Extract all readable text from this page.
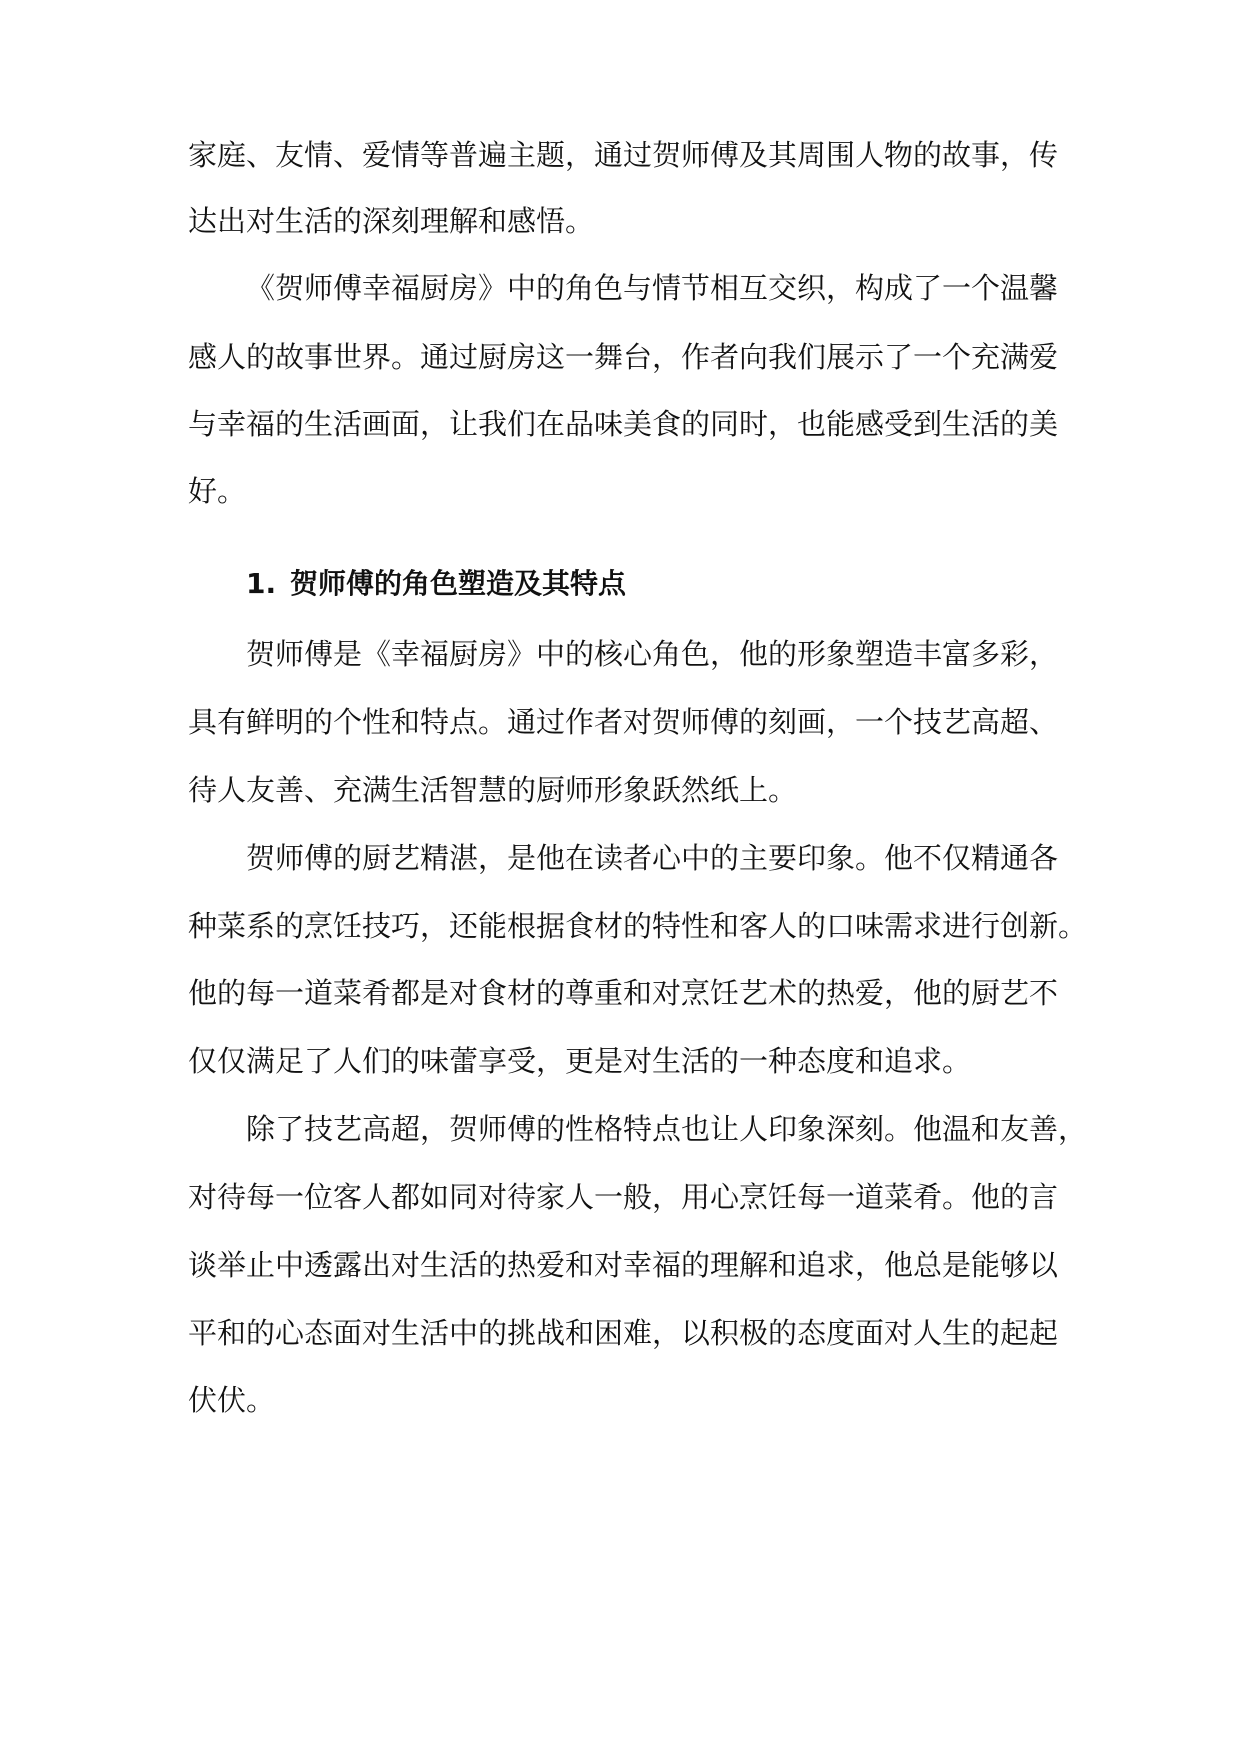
家庭、友情、爱情等普遍主题，通过贺师傅及其周围人物的故事，传
达出对生活的深刻理解和感悟。
《贺师傅幸福厨房》中的角色与情节相互交织，构成了一个温馨
感人的故事世界。通过厨房这一舞台，作者向我们展示了一个充满爱
与幸福的生活画面，让我们在品味美食的同时，也能感受到生活的美
好。
1. 贺师傅的角色塑造及其特点
贺师傅是《幸福厨房》中的核心角色，他的形象塑造丰富多彩，
具有鲜明的个性和特点。通过作者对贺师傅的刻画，一个技艺高超、
待人友善、充满生活智慧的厨师形象跃然纸上。
贺师傅的厨艺精湛，是他在读者心中的主要印象。他不仅精通各
种菜系的烹饪技巧，还能根据食材的特性和客人的口味需求进行创新。
他的每一道菜肴都是对食材的尊重和对烹饪艺术的热爱，他的厨艺不
仅仅满足了人们的味蕾享受，更是对生活的一种态度和追求。
除了技艺高超，贺师傅的性格特点也让人印象深刻。他温和友善，
对待每一位客人都如同对待家人一般，用心烹饪每一道菜肴。他的言
谈举止中透露出对生活的热爱和对幸福的理解和追求，他总是能够以
平和的心态面对生活中的挑战和困难，以积极的态度面对人生的起起
伏伏。
